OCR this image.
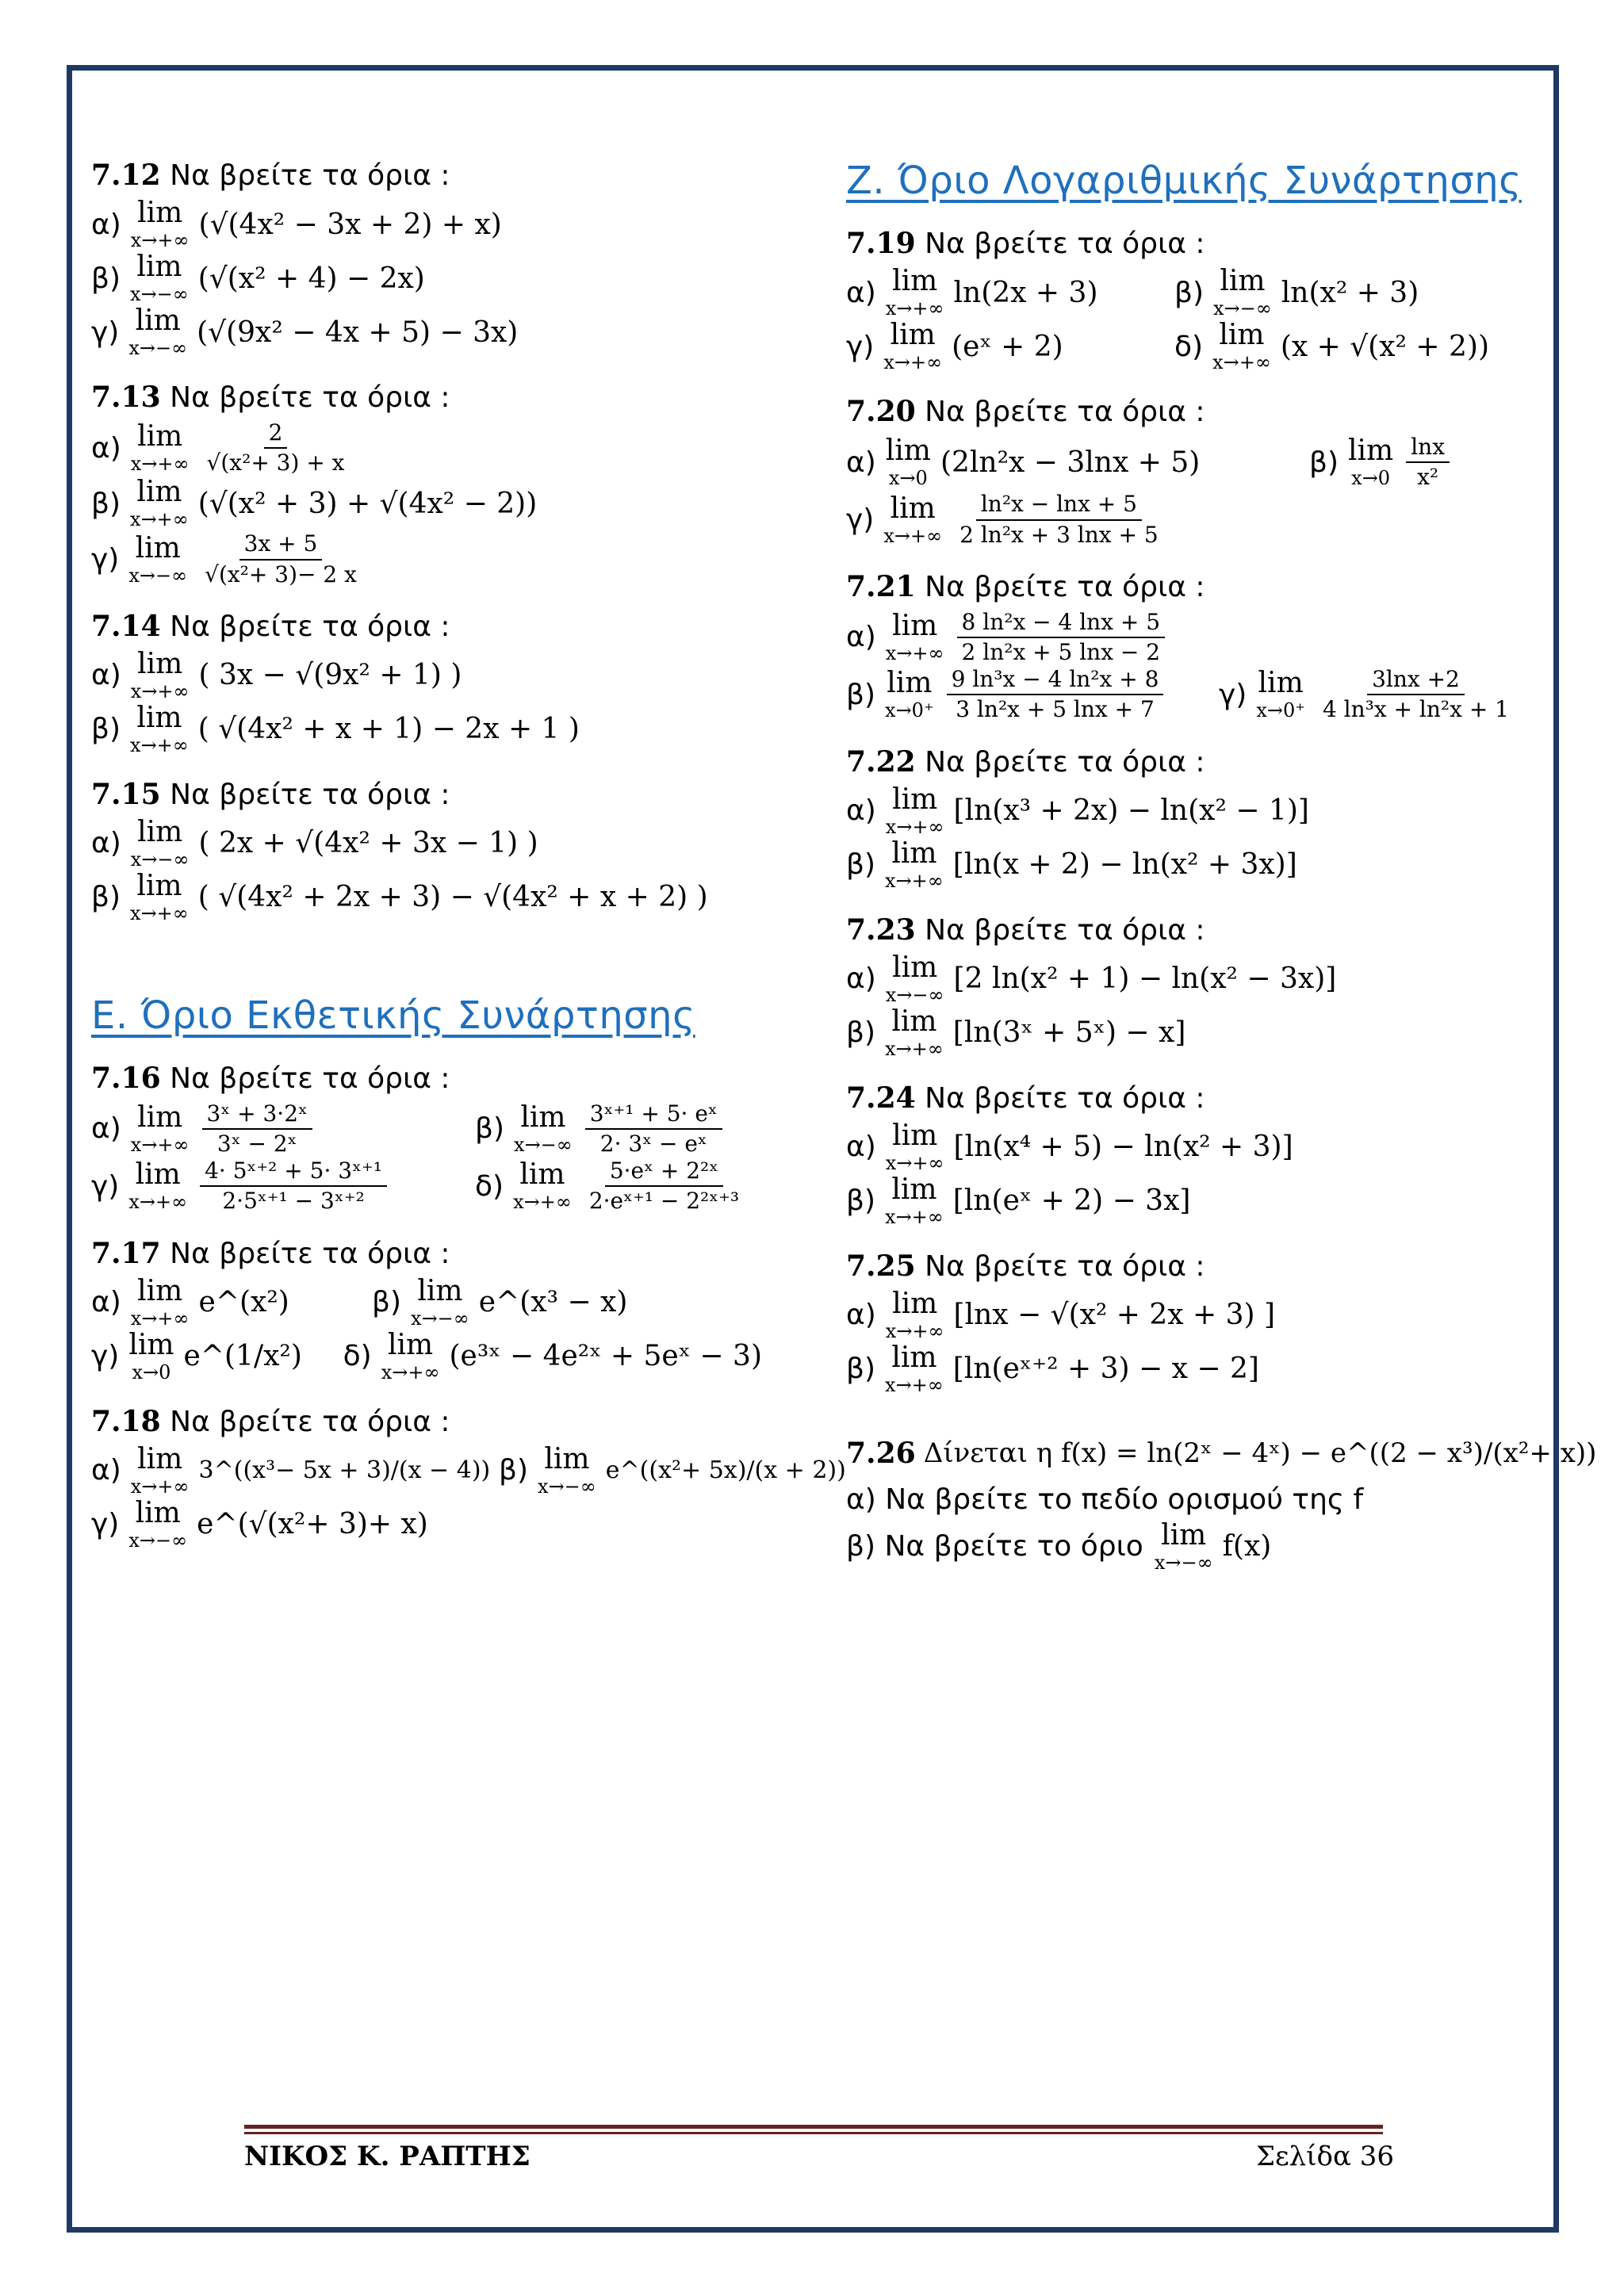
7.12 Να βρείτε τα όρια :
α) lim
x→+∞ (√(4x² − 3x + 2) + x)
β) lim
x→−∞ (√(x² + 4) − 2x)
γ) lim
x→−∞ (√(9x² − 4x + 5) − 3x)
7.13 Να βρείτε τα όρια :
α) lim
$x\to+\infty \frac{2}{\text{√(x²+ 3) + x}}$
β) lim
x→+∞ (√(x² + 3) + √(4x² − 2))
γ) lim
$x\to-\infty \frac{3x + 5}{\text{√(x²+ 3)− 2 x}}$
7.14 Να βρείτε τα όρια :
α) lim
x→+∞ ( 3x − √(9x² + 1) )
β) lim
x→+∞ ( √(4x² + x + 1) − 2x + 1 )
7.15 Να βρείτε τα όρια :
α) lim
x→−∞ ( 2x + √(4x² + 3x − 1) )
β) lim
x→+∞ ( √(4x² + 2x + 3) − √(4x² + x + 2) )
Ε. Όριο Εκθετικής Συνάρτησης
7.16 Να βρείτε τα όρια :
α) lim
$x\to+\infty \frac{\text{3ˣ + 3·2ˣ}}{\text{3ˣ − 2ˣ}}$	β) lim
$x\to-\infty \frac{\text{3ˣ⁺¹ + 5· eˣ}}{\text{2· 3ˣ − eˣ}}$
γ) lim
$x\to+\infty \frac{\text{4· 5ˣ⁺² + 5· 3ˣ⁺¹}}{\text{2·5ˣ⁺¹ − 3ˣ⁺²}}$	δ) lim
$x\to+\infty \frac{\text{5·eˣ + 2²ˣ}}{\text{2·eˣ⁺¹ − 2²ˣ⁺³}}$
7.17 Να βρείτε τα όρια :
α) lim
x→+∞ e^(x²)	β) lim
x→−∞ e^(x³ − x)
γ) lim
x→0 e^(1/x²) δ) lim
x→+∞ (e³ˣ − 4e²ˣ + 5eˣ − 3)
7.18 Να βρείτε τα όρια :
α) lim
x→+∞
3^((x³− 5x + 3)/(x − 4)) β) lim
x→−∞
e^((x²+ 5x)/(x + 2))
γ) lim
x→−∞ e^(√(x²+ 3)+ x)
Ζ. Όριο Λογαριθμικής Συνάρτησης
7.19 Να βρείτε τα όρια :
α) lim
x→+∞ ln(2x + 3)	β) lim
x→−∞ ln(x² + 3)
γ) lim
x→+∞ (eˣ + 2)	δ) lim
x→+∞ (x + √(x² + 2))
7.20 Να βρείτε τα όρια :
α) lim
x→0 (2ln²x − 3lnx + 5)	β) lim
$x\to 0 \frac{\ln x}{\text{x²}}$
γ) lim
$x\to+\infty \frac{\text{ln²x − lnx + 5}}{\text{2 ln²x + 3 lnx + 5}}$
7.21 Να βρείτε τα όρια :
α) lim
$x\to+\infty \frac{\text{8 ln²x − 4 lnx + 5}}{\text{2 ln²x + 5 lnx − 2}}$
β) lim
$x\to 0^+ \frac{\text{9 ln³x − 4 ln²x + 8}}{\text{3 ln²x + 5 lnx + 7}} \gamma$) lim
$x\to 0^+ \frac{3\ln x +2}{\text{4 ln³x + ln²x + 1}}$
7.22 Να βρείτε τα όρια :
α) lim
x→+∞ [ln(x³ + 2x) − ln(x² − 1)]
β) lim
x→+∞ [ln(x + 2) − ln(x² + 3x)]
7.23 Να βρείτε τα όρια :
α) lim
x→−∞ [2 ln(x² + 1) − ln(x² − 3x)]
β) lim
x→+∞ [ln(3ˣ + 5ˣ) − x]
7.24 Να βρείτε τα όρια :
α) lim
x→+∞ [ln(x⁴ + 5) − ln(x² + 3)]
β) lim
x→+∞ [ln(eˣ + 2) − 3x]
7.25 Να βρείτε τα όρια :
α) lim
x→+∞ [lnx − √(x² + 2x + 3) ]
β) lim
x→+∞ [ln(eˣ⁺² + 3) − x − 2]
7.26 Δίνεται η f(x) = ln(2ˣ − 4ˣ) − e^((2 − x³)/(x²+ x))
α) Να βρείτε το πεδίο ορισμού της f
β) Να βρείτε το όριο lim
x→−∞ f(x)
ΝΙΚΟΣ Κ. ΡΑΠΤΗΣ	Σελίδα 36
